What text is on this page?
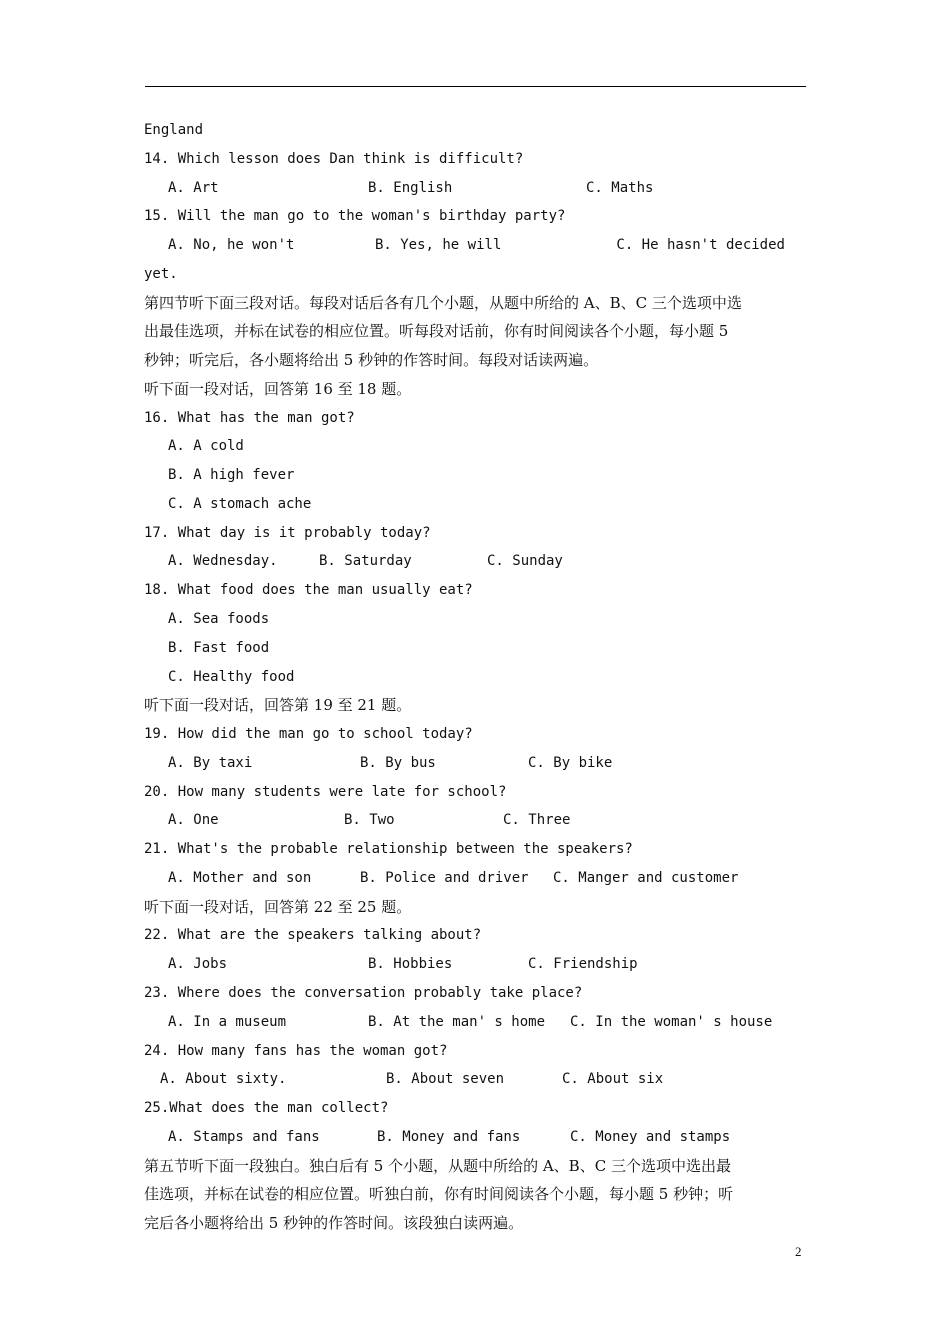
England
14. Which lesson does Dan think is difficult?
A. Art	B. English	C. Maths
15. Will the man go to the woman's birthday party?
A. No, he won't	B. Yes, he will	C. He hasn't decided
yet.
第四节听下面三段对话。每段对话后各有几个小题，从题中所给的 A、B、C 三个选项中选
出最佳选项，并标在试卷的相应位置。听每段对话前，你有时间阅读各个小题，每小题 5
秒钟；听完后，各小题将给出 5 秒钟的作答时间。每段对话读两遍。
听下面一段对话，回答第 16 至 18 题。
16. What has the man got?
A. A cold
B. A high fever
C. A stomach ache
17. What day is it probably today?
A. Wednesday.	B. Saturday	C. Sunday
18. What food does the man usually eat?
A. Sea foods
B. Fast food
C. Healthy food
听下面一段对话，回答第 19 至 21 题。
19. How did the man go to school today?
A. By taxi	B. By bus	C. By bike
20. How many students were late for school?
A. One	B. Two	C. Three
21. What's the probable relationship between the speakers?
A. Mother and son	B. Police and driver	C. Manger and customer
听下面一段对话，回答第 22 至 25 题。
22. What are the speakers talking about?
A. Jobs	B. Hobbies	C. Friendship
23. Where does the conversation probably take place?
A. In a museum	B. At the man' s home	C. In the woman' s house
24. How many fans has the woman got?
A. About sixty.	B. About seven	C. About six
25.What does the man collect?
A. Stamps and fans	B. Money and fans	C. Money and stamps
第五节听下面一段独白。独白后有 5 个小题，从题中所给的 A、B、C 三个选项中选出最
佳选项，并标在试卷的相应位置。听独白前，你有时间阅读各个小题，每小题 5 秒钟；听
完后各小题将给出 5 秒钟的作答时间。该段独白读两遍。
2
